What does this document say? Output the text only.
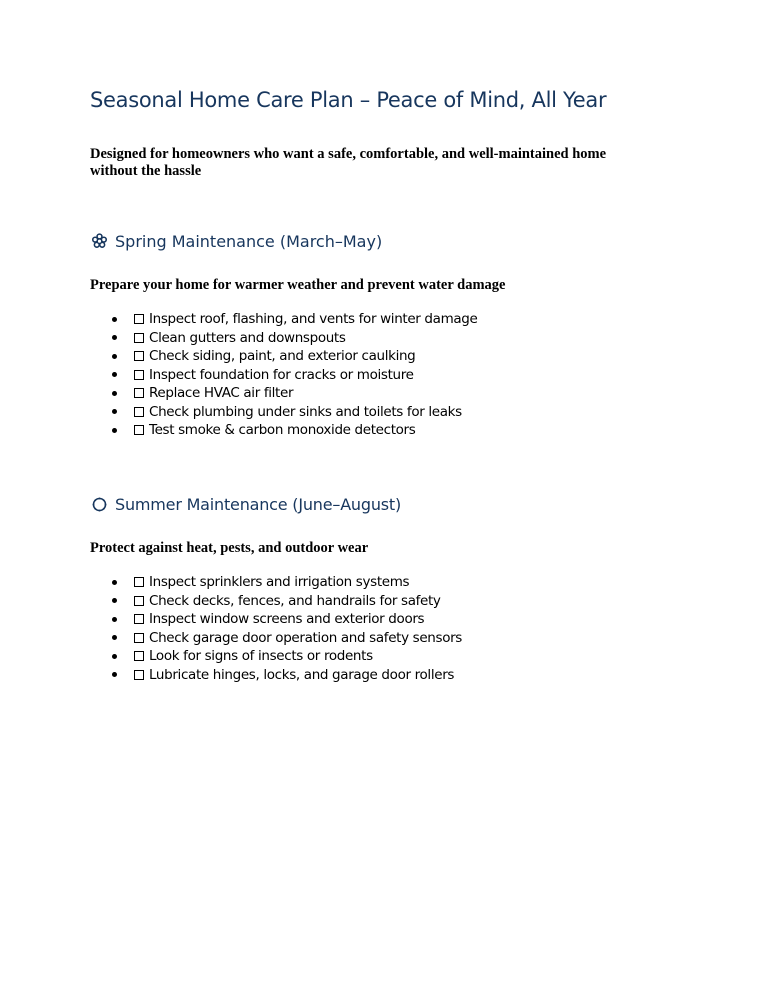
Seasonal Home Care Plan – Peace of Mind, All Year

Designed for homeowners who want a safe, comfortable, and well-maintained home without the hassle

Spring Maintenance (March–May)

Prepare your home for warmer weather and prevent water damage

Inspect roof, flashing, and vents for winter damage
Clean gutters and downspouts
Check siding, paint, and exterior caulking
Inspect foundation for cracks or moisture
Replace HVAC air filter
Check plumbing under sinks and toilets for leaks
Test smoke & carbon monoxide detectors
Summer Maintenance (June–August)

Protect against heat, pests, and outdoor wear

Inspect sprinklers and irrigation systems
Check decks, fences, and handrails for safety
Inspect window screens and exterior doors
Check garage door operation and safety sensors
Look for signs of insects or rodents
Lubricate hinges, locks, and garage door rollers
